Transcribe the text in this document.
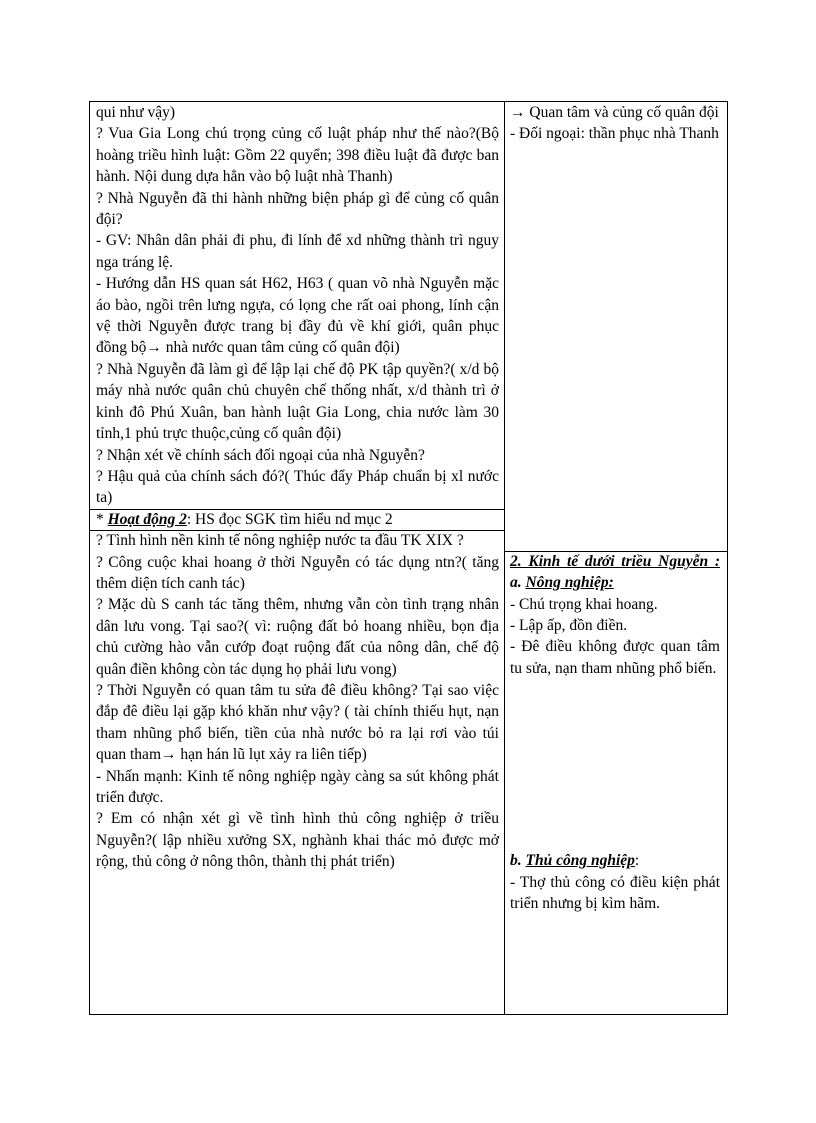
qui như vậy)

? Vua Gia Long chú trọng củng cố luật pháp như thế nào?(Bộ hoàng triều hình luật: Gồm 22 quyển; 398 điều luật đã được ban hành. Nội dung dựa hẳn vào bộ luật nhà Thanh)

? Nhà Nguyễn đã thi hành những biện pháp gì để củng cố quân đội?

- GV: Nhân dân phải đi phu, đi lính để xd những thành trì nguy nga tráng lệ.

- Hướng dẫn HS quan sát H62, H63 ( quan võ nhà Nguyễn mặc áo bào, ngồi trên lưng ngựa, có lọng che rất oai phong, lính cận vệ thời Nguyễn được trang bị đầy đủ về khí giới, quân phục đồng bộ→ nhà nước quan tâm củng cố quân đội)

? Nhà Nguyễn đã làm gì để lập lại chế độ PK tập quyền?( x/d bộ máy nhà nước quân chủ chuyên chế thống nhất, x/d thành trì ở kinh đô Phú Xuân, ban hành luật Gia Long, chia nước làm 30 tỉnh,1 phủ trực thuộc,củng cố quân đội)

? Nhận xét về chính sách đối ngoại của nhà Nguyễn?

? Hậu quả của chính sách đó?( Thúc đẩy Pháp chuẩn bị xl nước ta)

* Hoạt động 2: HS đọc SGK tìm hiểu nd mục 2

? Tình hình nền kinh tế nông nghiệp nước ta đầu TK XIX ?

? Công cuộc khai hoang ở thời Nguyễn có tác dụng ntn?( tăng thêm diện tích canh tác)

? Mặc dù S canh tác tăng thêm, nhưng vẫn còn tình trạng nhân dân lưu vong. Tại sao?( vì: ruộng đất bỏ hoang nhiều, bọn địa chủ cường hào vẫn cướp đoạt ruộng đất của nông dân, chế độ quân điền không còn tác dụng họ phải lưu vong)

? Thời Nguyễn có quan tâm tu sửa đê điều không? Tại sao việc đắp đê điều lại gặp khó khăn như vậy? ( tài chính thiếu hụt, nạn tham nhũng phổ biến, tiền của nhà nước bỏ ra lại rơi vào túi quan tham→ hạn hán lũ lụt xảy ra liên tiếp)

- Nhấn mạnh: Kinh tế nông nghiệp ngày càng sa sút không phát triển được.

? Em có nhận xét gì về tình hình thủ công nghiệp ở triều Nguyễn?( lập nhiều xưởng SX, nghành khai thác mỏ được mở rộng, thủ công ở nông thôn, thành thị phát triển)

→ Quan tâm và củng cố quân đội

- Đối ngoại: thần phục nhà Thanh

2. Kinh tế dưới triều Nguyễn :

a. Nông nghiệp:

- Chú trọng khai hoang.

- Lập ấp, đồn điền.

- Đê điều không được quan tâm tu sửa, nạn tham nhũng phổ biến.

b. Thủ công nghiệp:

- Thợ thủ công có điều kiện phát triển nhưng bị kìm hãm.
